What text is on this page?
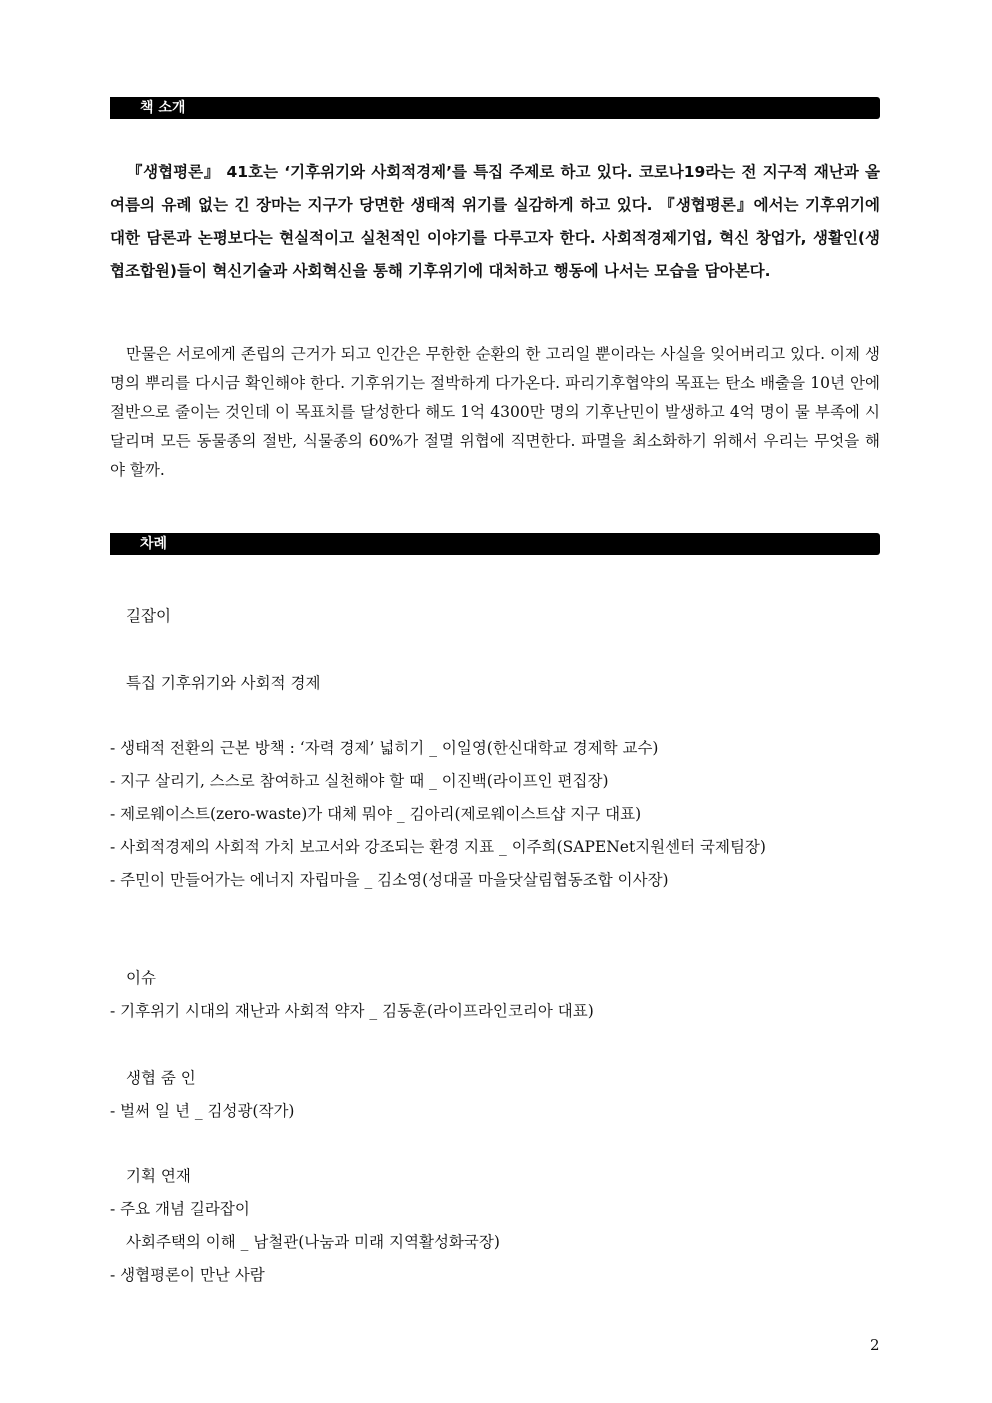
책 소개

『생협평론』 41호는 ‘기후위기와 사회적경제’를 특집 주제로 하고 있다. 코로나19라는 전 지구적 재난과 올여름의 유례 없는 긴 장마는 지구가 당면한 생태적 위기를 실감하게 하고 있다. 『생협평론』에서는 기후위기에 대한 담론과 논평보다는 현실적이고 실천적인 이야기를 다루고자 한다. 사회적경제기업, 혁신 창업가, 생활인(생협조합원)들이 혁신기술과 사회혁신을 통해 기후위기에 대처하고 행동에 나서는 모습을 담아본다.

만물은 서로에게 존립의 근거가 되고 인간은 무한한 순환의 한 고리일 뿐이라는 사실을 잊어버리고 있다. 이제 생명의 뿌리를 다시금 확인해야 한다. 기후위기는 절박하게 다가온다. 파리기후협약의 목표는 탄소 배출을 10년 안에 절반으로 줄이는 것인데 이 목표치를 달성한다 해도 1억 4300만 명의 기후난민이 발생하고 4억 명이 물 부족에 시달리며 모든 동물종의 절반, 식물종의 60%가 절멸 위협에 직면한다. 파멸을 최소화하기 위해서 우리는 무엇을 해야 할까.

차례
길잡이
특집 기후위기와 사회적 경제
- 생태적 전환의 근본 방책 : ‘자력 경제’ 넓히기 _ 이일영(한신대학교 경제학 교수)
- 지구 살리기, 스스로 참여하고 실천해야 할 때 _ 이진백(라이프인 편집장)
- 제로웨이스트(zero-waste)가 대체 뭐야 _ 김아리(제로웨이스트샵 지구 대표)
- 사회적경제의 사회적 가치 보고서와 강조되는 환경 지표 _ 이주희(SAPENet지원센터 국제팀장)
- 주민이 만들어가는 에너지 자립마을 _ 김소영(성대골 마을닷살림협동조합 이사장)
이슈
- 기후위기 시대의 재난과 사회적 약자 _ 김동훈(라이프라인코리아 대표)
생협 줌 인
- 벌써 일 년 _ 김성광(작가)
기획 연재
- 주요 개념 길라잡이
사회주택의 이해 _ 남철관(나눔과 미래 지역활성화국장)
- 생협평론이 만난 사람
2
